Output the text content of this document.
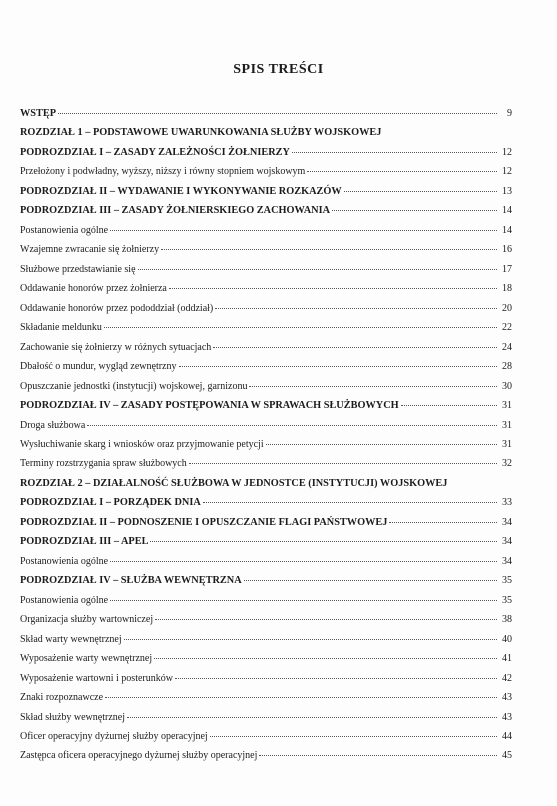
SPIS TREŚCI
WSTĘP	9
ROZDZIAŁ 1 – PODSTAWOWE UWARUNKOWANIA SŁUŻBY WOJSKOWEJ
PODROZDZIAŁ I – ZASADY ZALEŻNOŚCI ŻOŁNIERZY	12
Przełożony i podwładny, wyższy, niższy i równy stopniem wojskowym	12
PODROZDZIAŁ II – WYDAWANIE I WYKONYWANIE ROZKAZÓW	13
PODROZDZIAŁ III – ZASADY ŻOŁNIERSKIEGO ZACHOWANIA	14
Postanowienia ogólne	14
Wzajemne zwracanie się żołnierzy	16
Służbowe przedstawianie się	17
Oddawanie honorów przez żołnierza	18
Oddawanie honorów przez pododdział (oddział)	20
Składanie meldunku	22
Zachowanie się żołnierzy w różnych sytuacjach	24
Dbałość o mundur, wygląd zewnętrzny	28
Opuszczanie jednostki (instytucji) wojskowej, garnizonu	30
PODROZDZIAŁ IV – ZASADY POSTĘPOWANIA W SPRAWACH SŁUŻBOWYCH	31
Droga służbowa	31
Wysłuchiwanie skarg i wniosków oraz przyjmowanie petycji	31
Terminy rozstrzygania spraw służbowych	32
ROZDZIAŁ 2 – DZIAŁALNOŚĆ SŁUŻBOWA W JEDNOSTCE (INSTYTUCJI) WOJSKOWEJ
PODROZDZIAŁ I – PORZĄDEK DNIA	33
PODROZDZIAŁ II – PODNOSZENIE I OPUSZCZANIE FLAGI PAŃSTWOWEJ	34
PODROZDZIAŁ III – APEL	34
Postanowienia ogólne	34
PODROZDZIAŁ IV – SŁUŻBA WEWNĘTRZNA	35
Postanowienia ogólne	35
Organizacja służby wartowniczej	38
Skład warty wewnętrznej	40
Wyposażenie warty wewnętrznej	41
Wyposażenie wartowni i posterunków	42
Znaki rozpoznawcze	43
Skład służby wewnętrznej	43
Oficer operacyjny dyżurnej służby operacyjnej	44
Zastępca oficera operacyjnego dyżurnej służby operacyjnej	45
